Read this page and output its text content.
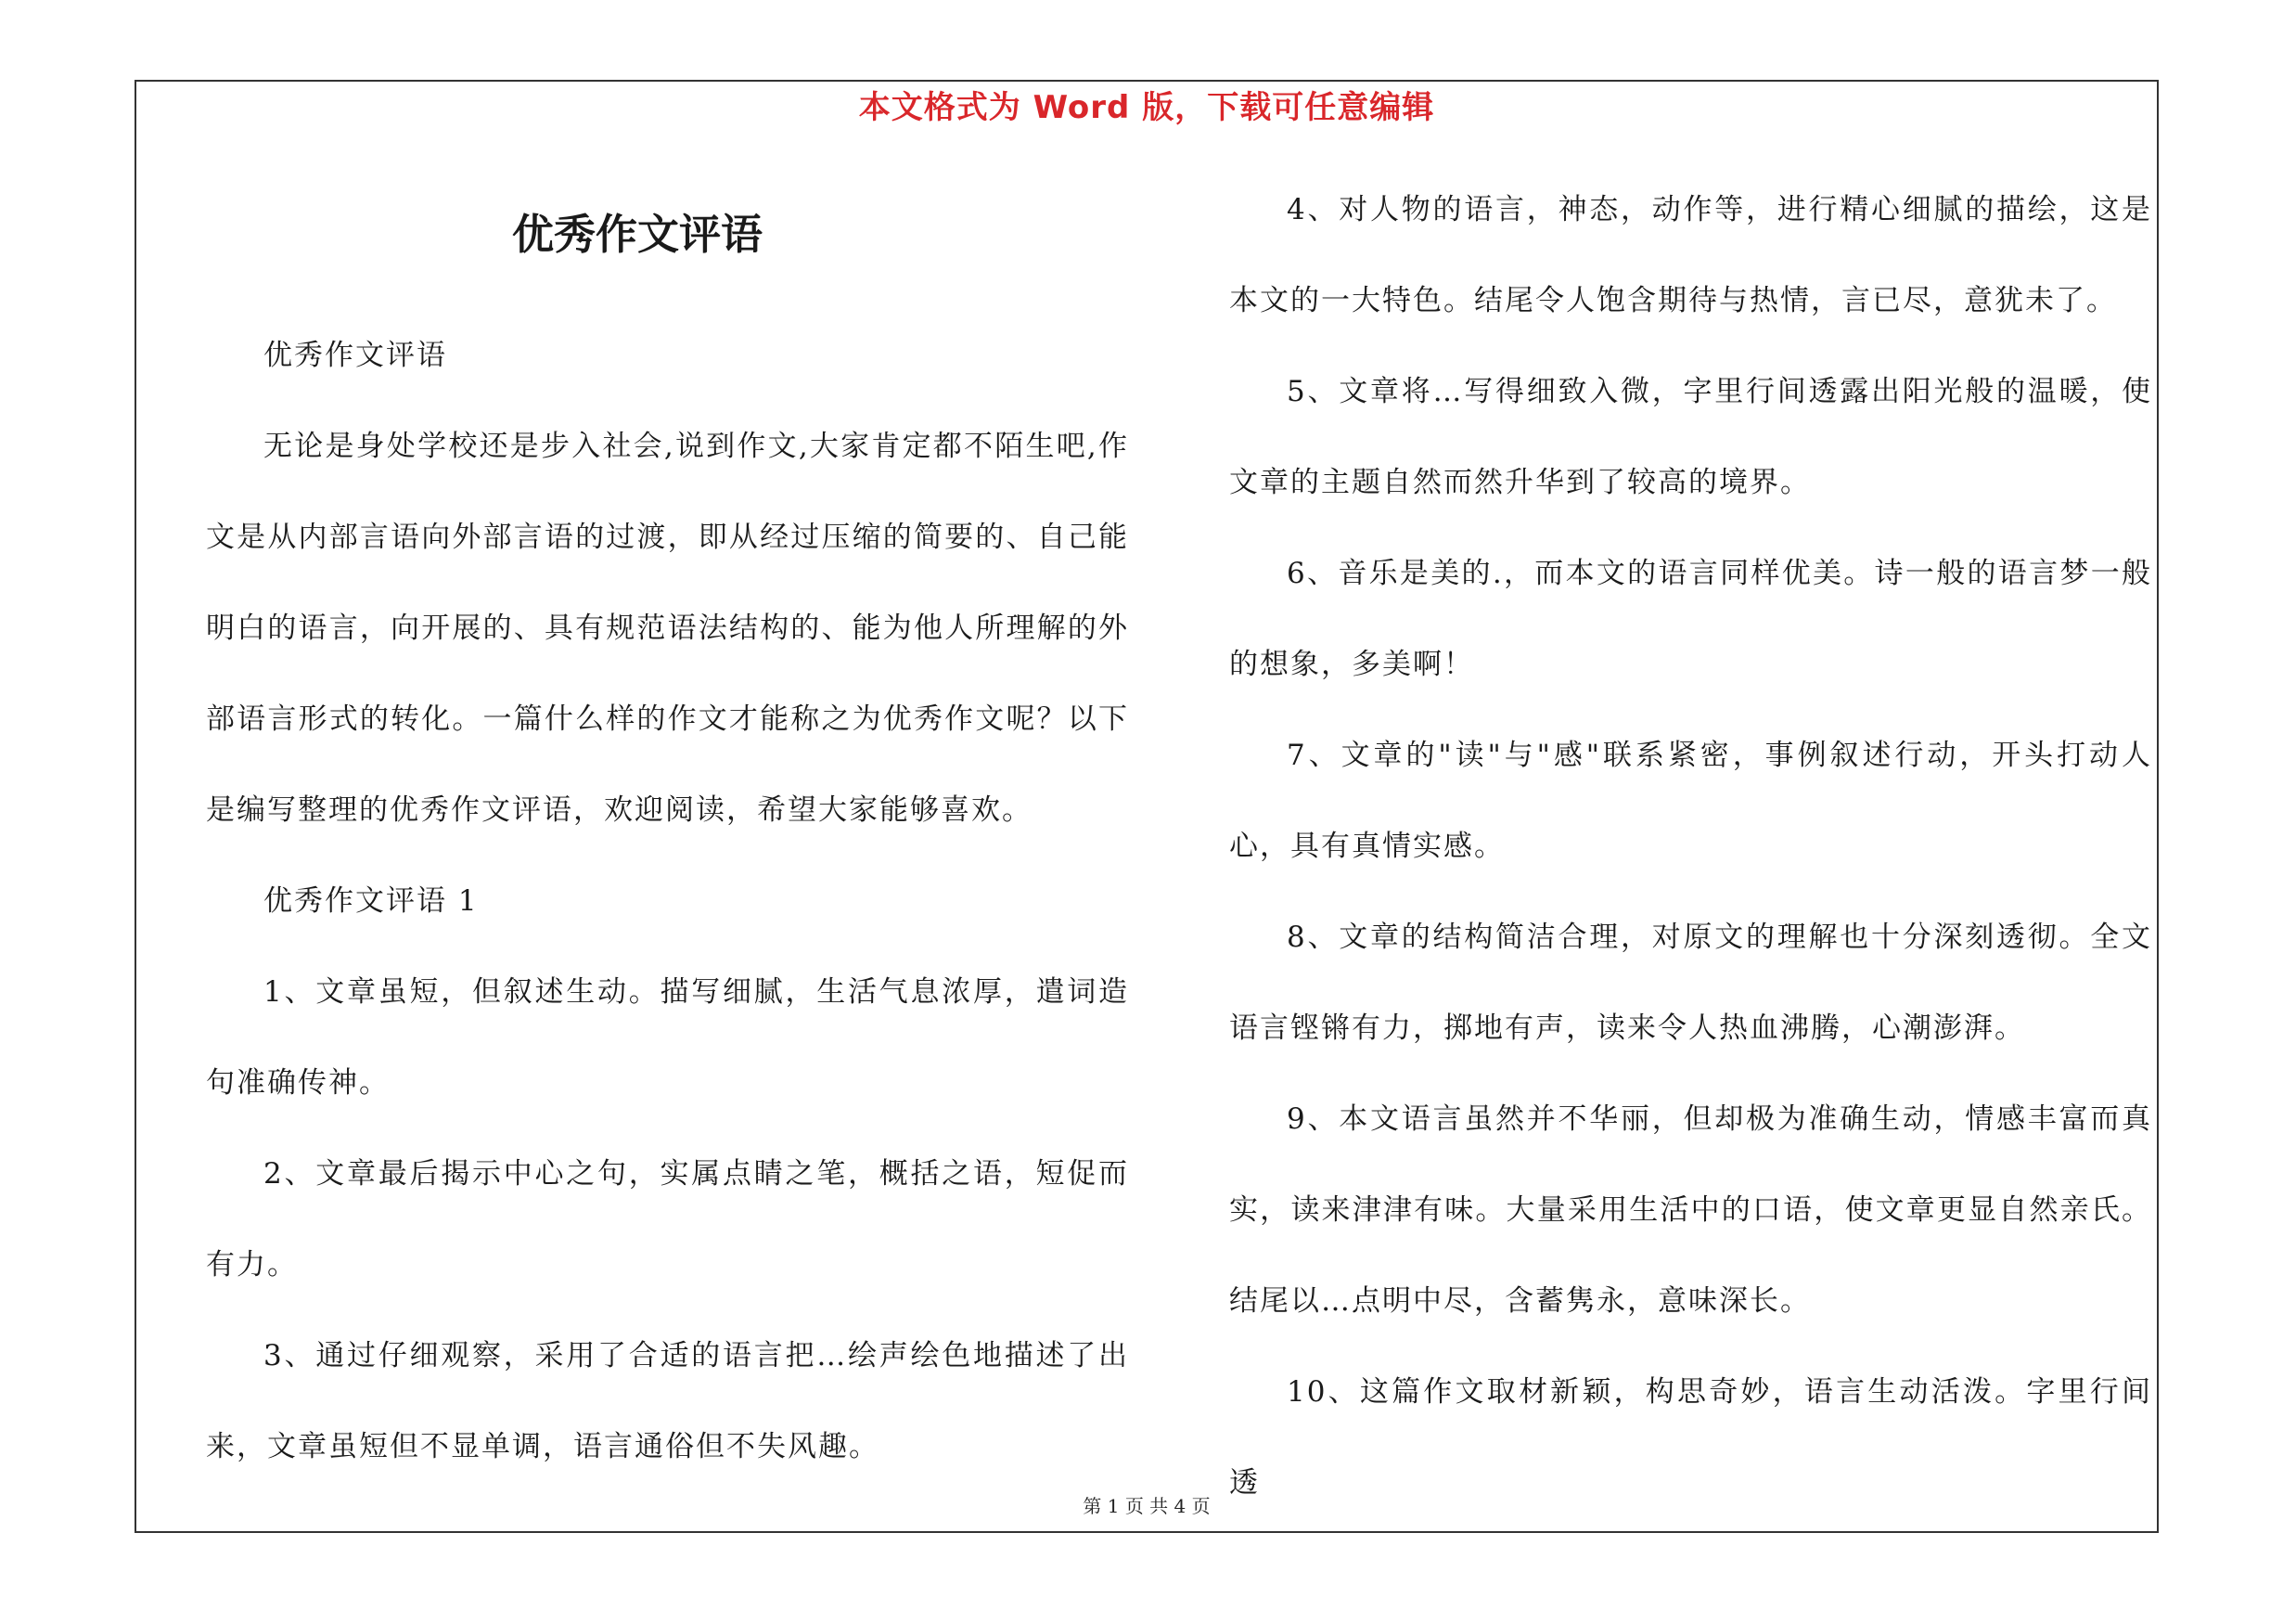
本文格式为 Word 版，下载可任意编辑
优秀作文评语

优秀作文评语

无论是身处学校还是步入社会,说到作文,大家肯定都不陌生吧,作文是从内部言语向外部言语的过渡，即从经过压缩的简要的、自己能明白的语言，向开展的、具有规范语法结构的、能为他人所理解的外部语言形式的转化。一篇什么样的作文才能称之为优秀作文呢？以下是编写整理的优秀作文评语，欢迎阅读，希望大家能够喜欢。

优秀作文评语 1

1、文章虽短，但叙述生动。描写细腻，生活气息浓厚，遣词造句准确传神。

2、文章最后揭示中心之句，实属点睛之笔，概括之语，短促而有力。

3、通过仔细观察，采用了合适的语言把…绘声绘色地描述了出来，文章虽短但不显单调，语言通俗但不失风趣。

4、对人物的语言，神态，动作等，进行精心细腻的描绘，这是本文的一大特色。结尾令人饱含期待与热情，言已尽，意犹未了。

5、文章将…写得细致入微，字里行间透露出阳光般的温暖，使文章的主题自然而然升华到了较高的境界。

6、音乐是美的.，而本文的语言同样优美。诗一般的语言梦一般的想象，多美啊！

7、文章的"读"与"感"联系紧密，事例叙述行动，开头打动人心，具有真情实感。

8、文章的结构简洁合理，对原文的理解也十分深刻透彻。全文语言铿锵有力，掷地有声，读来令人热血沸腾，心潮澎湃。

9、本文语言虽然并不华丽，但却极为准确生动，情感丰富而真实，读来津津有味。大量采用生活中的口语，使文章更显自然亲氏。结尾以…点明中尽，含蓄隽永，意味深长。

10、这篇作文取材新颖，构思奇妙，语言生动活泼。字里行间透

第 1 页 共 4 页
